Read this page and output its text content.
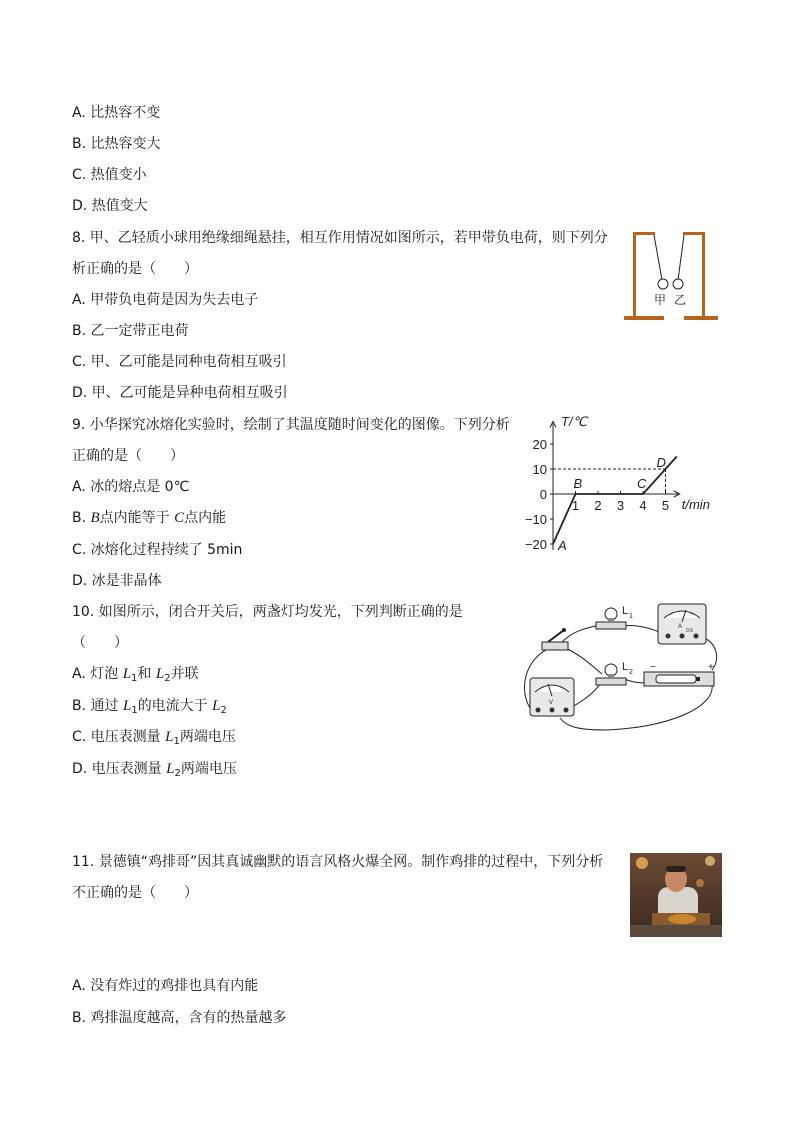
A. 比热容不变
B. 比热容变大
C. 热值变小
D. 热值变大
8. 甲、乙轻质小球用绝缘细绳悬挂，相互作用情况如图所示，若甲带负电荷，则下列分
析正确的是（　　）
A. 甲带负电荷是因为失去电子
B. 乙一定带正电荷
C. 甲、乙可能是同种电荷相互吸引
D. 甲、乙可能是异种电荷相互吸引
甲 乙
9. 小华探究冰熔化实验时，绘制了其温度随时间变化的图像。下列分析
正确的是（　　）
A. 冰的熔点是 0℃
B. B点内能等于 C点内能
C. 冰熔化过程持续了 5min
D. 冰是非晶体
T/℃
t/min
20
10
0
−10
−20
1 2 3 4 5
A
B	C
D
10. 如图所示，闭合开关后，两盏灯均发光，下列判断正确的是
（　　）
A. 灯泡 $L_1$和 $L_2$并联
B. 通过 $L_1$的电流大于 $L_2$
C. 电压表测量 $L_1$两端电压
D. 电压表测量 $L_2$两端电压
L 1
L 2
A
0.6
−	+
V
11. 景德镇“鸡排哥”因其真诚幽默的语言风格火爆全网。制作鸡排的过程中，下列分析
不正确的是（　　）
A. 没有炸过的鸡排也具有内能
B. 鸡排温度越高，含有的热量越多
